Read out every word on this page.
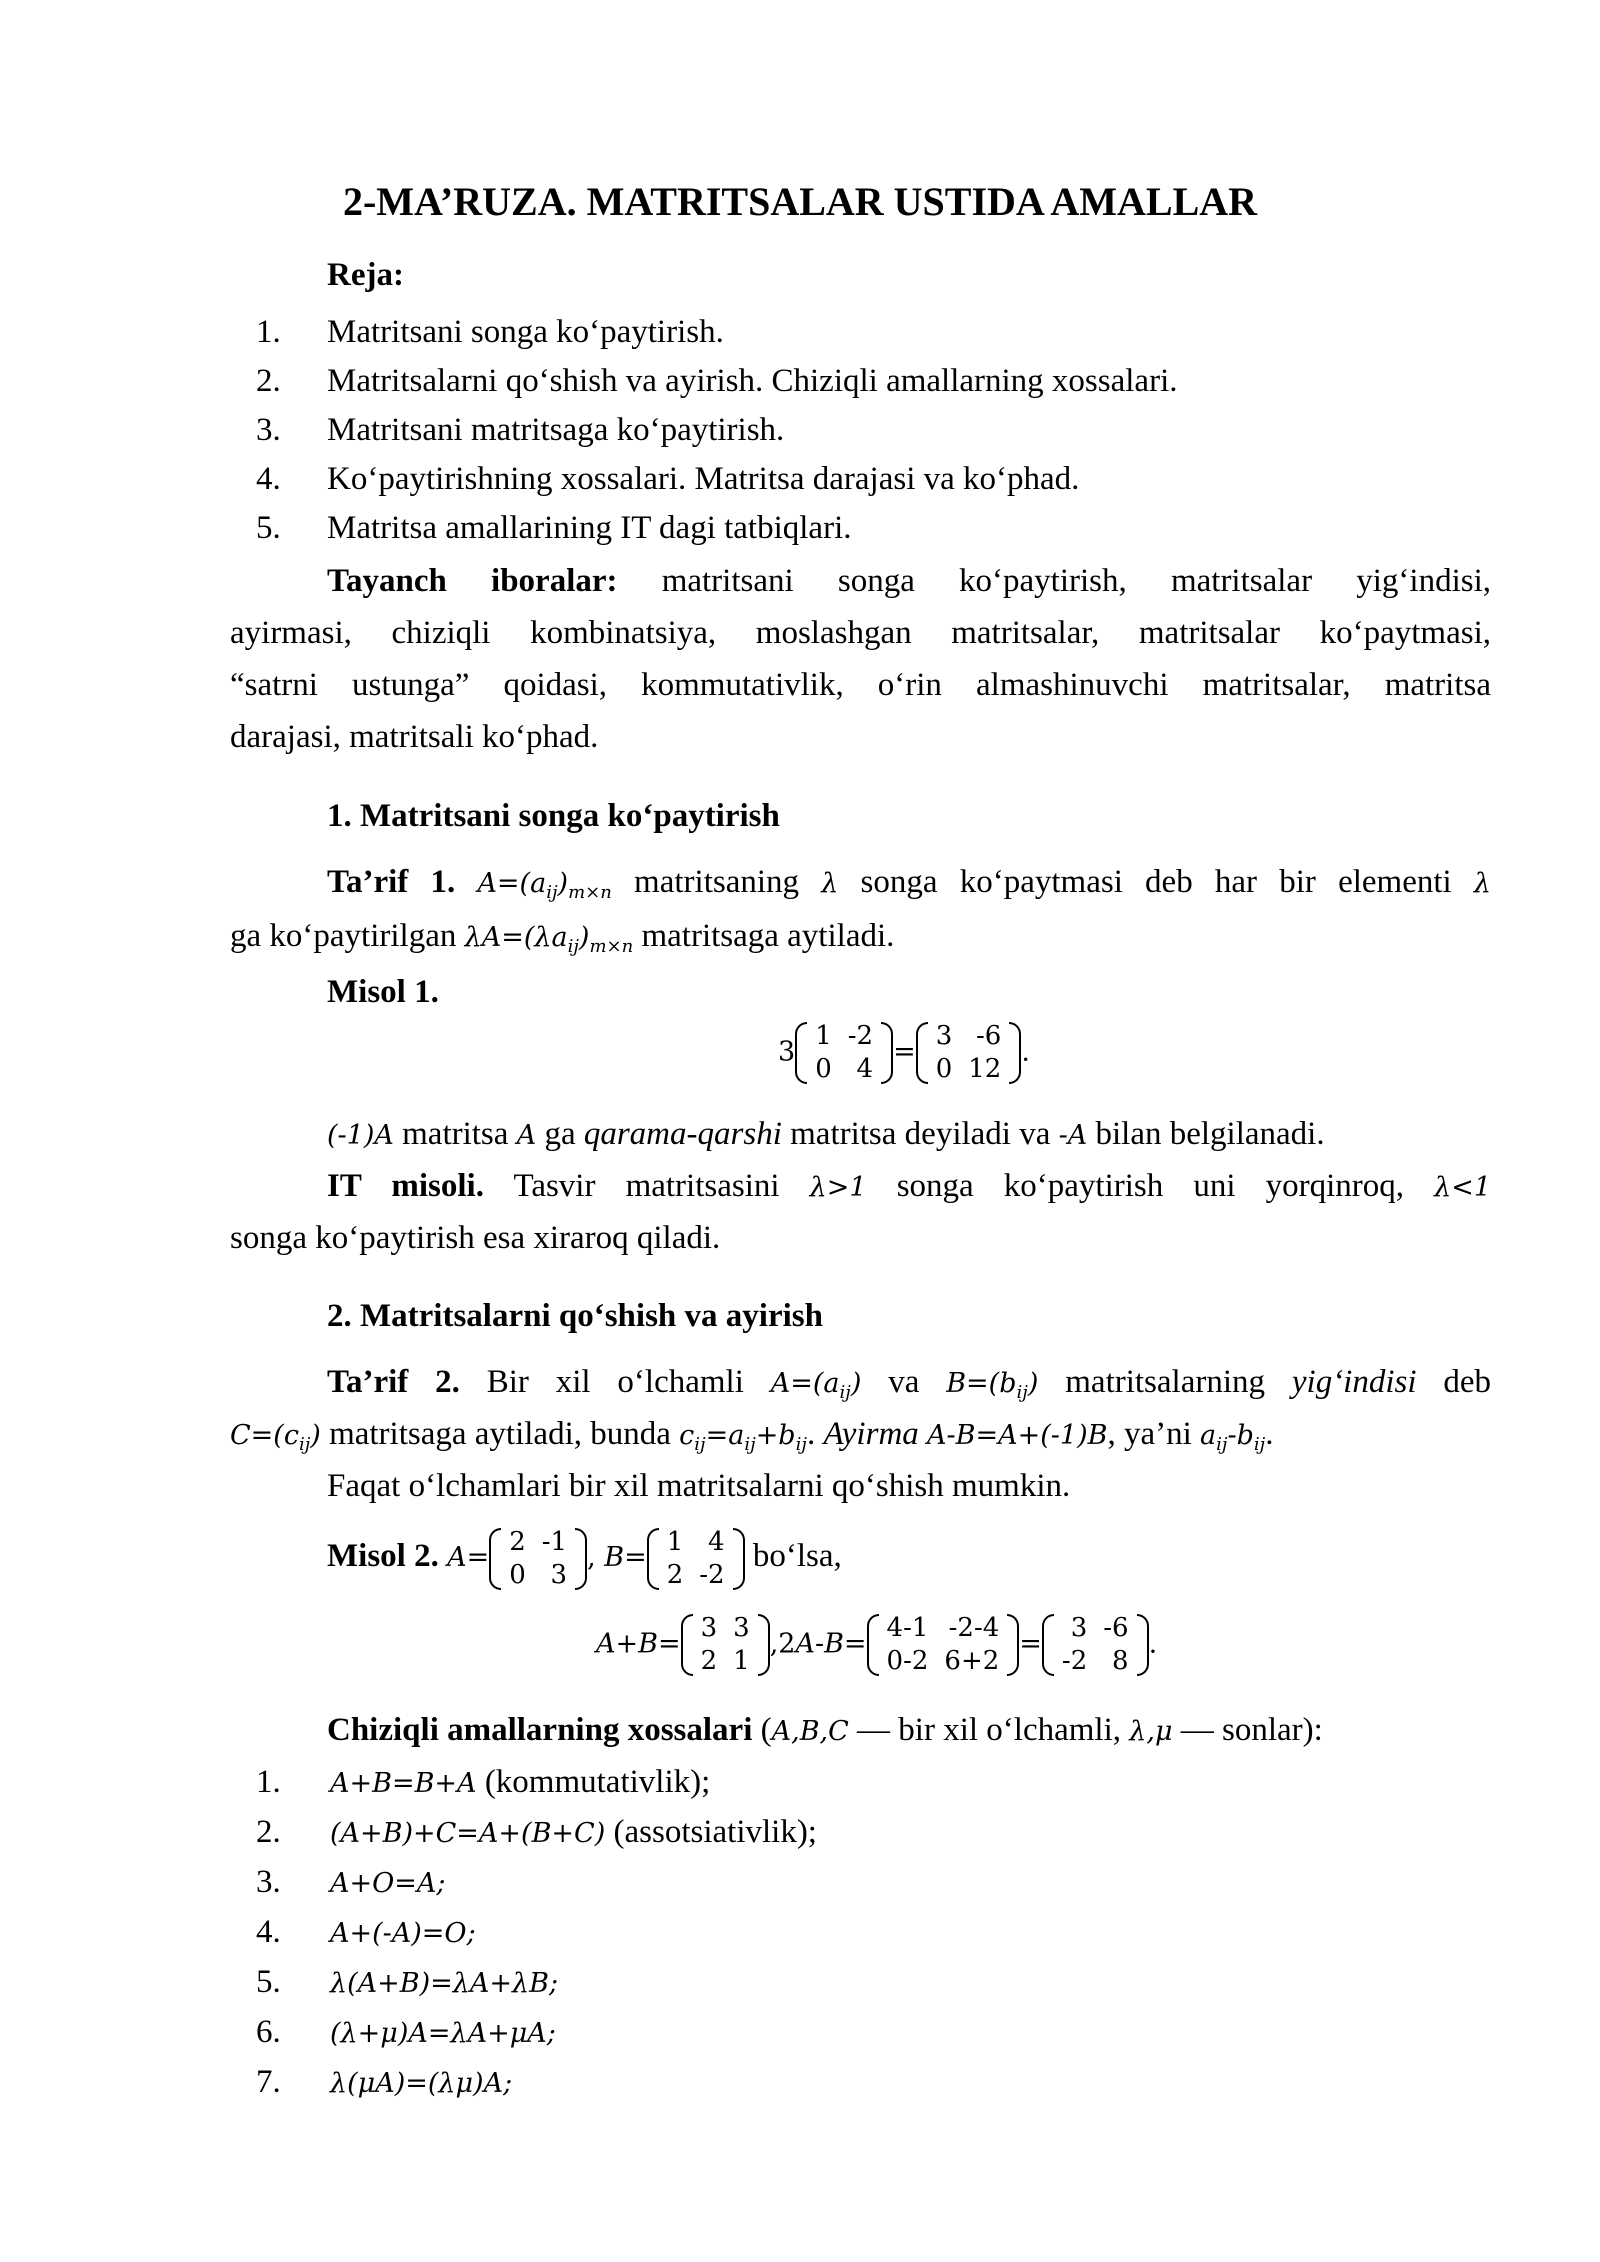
2-MA’RUZA. MATRITSALAR USTIDA AMALLAR
Reja:
1. Matritsani songa ko‘paytirish.
2. Matritsalarni qo‘shish va ayirish. Chiziqli amallarning xossalari.
3. Matritsani matritsaga ko‘paytirish.
4. Ko‘paytirishning xossalari. Matritsa darajasi va ko‘phad.
5. Matritsa amallarining IT dagi tatbiqlari.
Tayanch iboralar: matritsani songa ko‘paytirish, matritsalar yig‘indisi,
ayirmasi, chiziqli kombinatsiya, moslashgan matritsalar, matritsalar ko‘paytmasi,
“satrni ustunga” qoidasi, kommutativlik, o‘rin almashinuvchi matritsalar, matritsa
darajasi, matritsali ko‘phad.
1. Matritsani songa ko‘paytirish
Ta’rif 1. $A=(a_{ij})_{m\times n}$ matritsaning λ songa ko‘paytmasi deb har bir elementi λ
ga ko‘paytirilgan $\lambda A=(\lambda a_{ij})_{m\times n}$ matritsaga aytiladi.
Misol 1.
3
1	-2
0	4
=
3	-6
0	12
.
(-1)A matritsa A ga qarama-qarshi matritsa deyiladi va -A bilan belgilanadi.
IT misoli. Tasvir matritsasini λ>1 songa ko‘paytirish uni yorqinroq, λ<1
songa ko‘paytirish esa xiraroq qiladi.
2. Matritsalarni qo‘shish va ayirish
Ta’rif 2. Bir xil o‘lchamli $A=(a_{ij})$ va $B=(b_{ij})$ matritsalarning yig‘indisi deb
$C=(c_{ij})$ matritsaga aytiladi, bunda $c_{ij}=a_{ij}+b_{ij}$. Ayirma A-B=A+(-1)B, ya’ni $a_{ij}-b_{ij}$.
Faqat o‘lchamlari bir xil matritsalarni qo‘shish mumkin.
Misol 2. A=
2	-1
0	3
, B=
1	4
2	-2
bo‘lsa,
A+B=
3	3
2	1
,2A-B=
4-1	-2-4
0-2	6+2
=
3	-6
-2	8
.
Chiziqli amallarning xossalari (A,B,C — bir xil o‘lchamli, λ,μ — sonlar):
1. A+B=B+A (kommutativlik);
2. (A+B)+C=A+(B+C) (assotsiativlik);
3. A+O=A;
4. A+(-A)=O;
5. λ(A+B)=λA+λB;
6. (λ+μ)A=λA+μA;
7. λ(μA)=(λμ)A;
